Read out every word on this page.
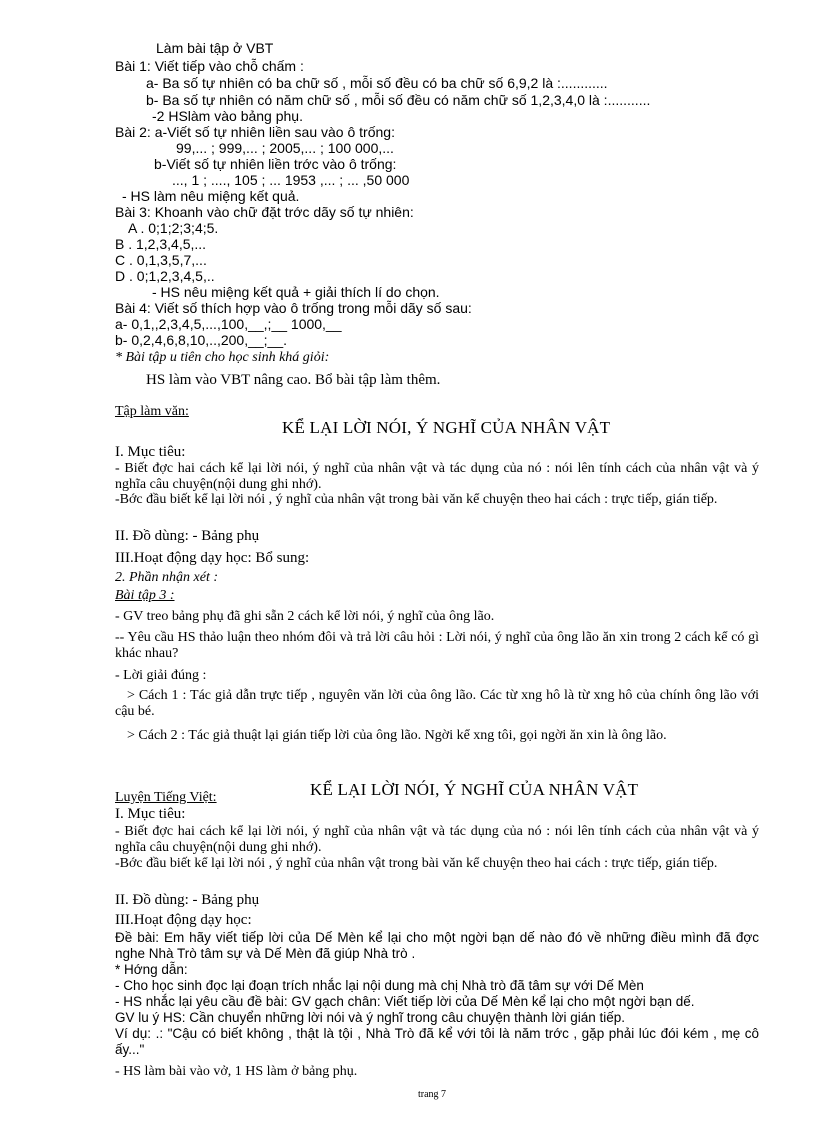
Làm bài tập ở VBT
Bài 1: Viết tiếp vào chỗ chấm :
a- Ba số tự nhiên có ba chữ số , mỗi số đều có ba chữ số 6,9,2 là :............
b- Ba số tự nhiên có năm chữ số , mỗi số đều có năm chữ số 1,2,3,4,0 là :...........
-2 HSlàm vào bảng phụ.
Bài 2: a-Viết số tự nhiên liền sau vào ô trống:
99,... ; 999,... ; 2005,... ; 100 000,...
b-Viết số tự nhiên liền trớc vào ô trống:
..., 1 ; ...., 105 ; ... 1953 ,... ; ... ,50 000
- HS làm nêu miệng kết quả.
Bài 3: Khoanh vào chữ đặt trớc dãy số tự nhiên:
A . 0;1;2;3;4;5.
B . 1,2,3,4,5,...
C . 0,1,3,5,7,...
D . 0;1,2,3,4,5,..
- HS nêu miệng kết quả + giải thích lí do chọn.
Bài 4: Viết số thích hợp vào ô trống trong mỗi dãy số sau:
a- 0,1,,2,3,4,5,...,100,__,;__ 1000,__
b- 0,2,4,6,8,10,..,200,__;__.
* Bài tập u tiên cho học sinh khá giỏi:
HS làm vào VBT nâng cao. Bổ bài tập làm thêm.
Tập làm văn:
KỂ LẠI LỜI NÓI, Ý NGHĨ CỦA NHÂN VẬT
I. Mục tiêu:
- Biết đợc hai cách kể lại lời nói, ý nghĩ của nhân vật và tác dụng của nó : nói lên tính cách của nhân vật và ý nghĩa câu chuyện(nội dung ghi nhớ).
-Bớc đầu biết kể lại lời nói , ý nghĩ của nhân vật trong bài văn kể chuyện theo hai cách : trực tiếp, gián tiếp.
II. Đồ dùng: - Bảng phụ
III.Hoạt động dạy học: Bổ sung:
2. Phần nhận xét :
Bài tập 3 :
- GV treo bảng phụ đã ghi sẵn 2 cách kể lời nói, ý nghĩ của ông lão.
-- Yêu cầu HS thảo luận theo nhóm đôi và trả lời câu hỏi : Lời nói, ý nghĩ của ông lão ăn xin trong 2 cách kể có gì khác nhau?
- Lời giải đúng :
> Cách 1 : Tác giả dẫn trực tiếp , nguyên văn lời của ông lão. Các từ xng hô là từ xng hô của chính ông lão với cậu bé.
> Cách 2 : Tác giả thuật lại gián tiếp lời của ông lão. Ngời kể xng tôi, gọi ngời ăn xin là ông lão.
Luyện Tiếng Việt:	KỂ LẠI LỜI NÓI, Ý NGHĨ CỦA NHÂN VẬT
I. Mục tiêu:
- Biết đợc hai cách kể lại lời nói, ý nghĩ của nhân vật và tác dụng của nó : nói lên tính cách của nhân vật và ý nghĩa câu chuyện(nội dung ghi nhớ).
-Bớc đầu biết kể lại lời nói , ý nghĩ của nhân vật trong bài văn kể chuyện theo hai cách : trực tiếp, gián tiếp.
II. Đồ dùng: - Bảng phụ
III.Hoạt động dạy học:
Đề bài: Em hãy viết tiếp lời của Dế Mèn kể lại cho một ngời bạn dế nào đó về những điều mình đã đợc nghe Nhà Trò tâm sự và Dế Mèn đã giúp Nhà trò .
* Hớng dẫn:
- Cho học sinh đọc lại đoạn trích nhắc lại nội dung mà chị Nhà trò đã tâm sự với Dế Mèn
- HS nhắc lại yêu cầu đề bài: GV gạch chân: Viết tiếp lời của Dế Mèn kể lại cho một ngời bạn dế.
GV lu ý HS: Cần chuyển những lời nói và ý nghĩ trong câu chuyện thành lời gián tiếp.
Ví dụ: .: "Cậu có biết không , thật là tội , Nhà Trò đã kể với tôi là năm trớc , gặp phải lúc đói kém , mẹ cô ấy..."
- HS làm bài vào vở, 1 HS làm ở bảng phụ.
trang 7
